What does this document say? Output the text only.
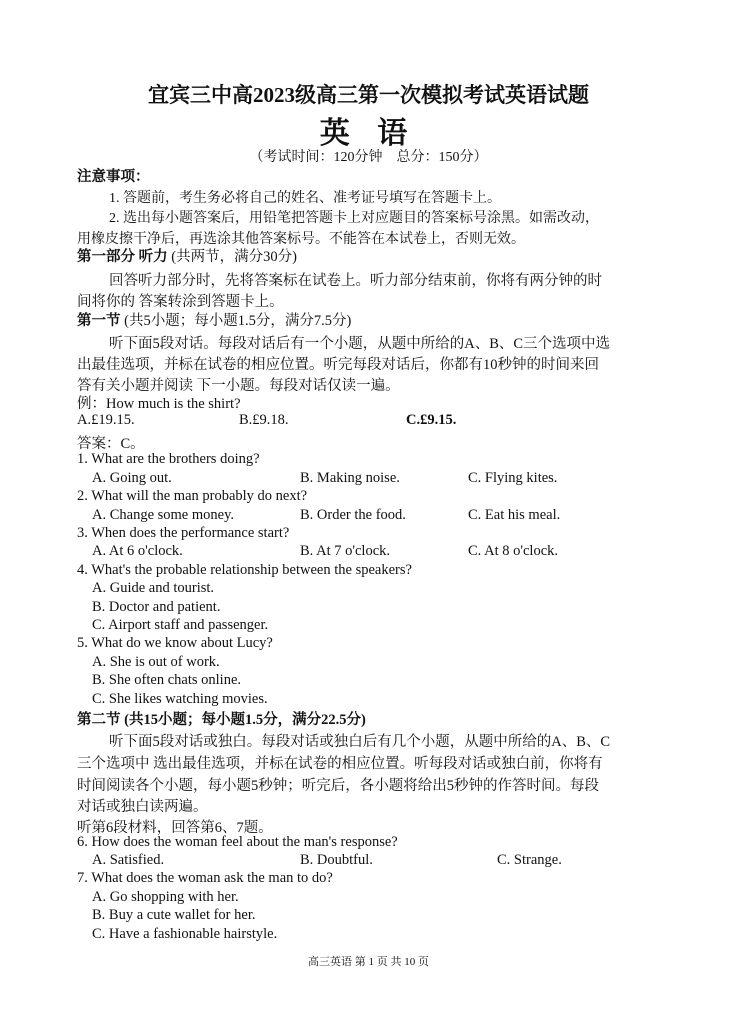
宜宾三中高2023级高三第一次模拟考试英语试题
英 语
（考试时间：120分钟　总分：150分）
注意事项：
1. 答题前，考生务必将自己的姓名、准考证号填写在答题卡上。
2. 选出每小题答案后，用铅笔把答题卡上对应题目的答案标号涂黑。如需改动，
用橡皮擦干净后，再选涂其他答案标号。不能答在本试卷上，否则无效。
第一部分 听力 (共两节，满分30分)
回答听力部分时，先将答案标在试卷上。听力部分结束前，你将有两分钟的时
间将你的 答案转涂到答题卡上。
第一节 (共5小题；每小题1.5分，满分7.5分)
听下面5段对话。每段对话后有一个小题，从题中所给的A、B、C三个选项中选
出最佳选项，并标在试卷的相应位置。听完每段对话后，你都有10秒钟的时间来回
答有关小题并阅读 下一小题。每段对话仅读一遍。
例：How much is the shirt?
A.£19.15.	B.£9.18.	C.£9.15.
答案：C。
1. What are the brothers doing?
A. Going out.	B. Making noise.	C. Flying kites.
2. What will the man probably do next?
A. Change some money.	B. Order the food.	C. Eat his meal.
3. When does the performance start?
A. At 6 o'clock.	B. At 7 o'clock.	C. At 8 o'clock.
4. What's the probable relationship between the speakers?
A. Guide and tourist.
B. Doctor and patient.
C. Airport staff and passenger.
5. What do we know about Lucy?
A. She is out of work.
B. She often chats online.
C. She likes watching movies.
第二节 (共15小题；每小题1.5分，满分22.5分)
听下面5段对话或独白。每段对话或独白后有几个小题，从题中所给的A、B、C
三个选项中 选出最佳选项，并标在试卷的相应位置。听每段对话或独白前，你将有
时间阅读各个小题，每小题5秒钟；听完后，各小题将给出5秒钟的作答时间。每段
对话或独白读两遍。
听第6段材料，回答第6、7题。
6. How does the woman feel about the man's response?
A. Satisfied.	B. Doubtful.	C. Strange.
7. What does the woman ask the man to do?
A. Go shopping with her.
B. Buy a cute wallet for her.
C. Have a fashionable hairstyle.
高三英语 第 1 页 共 10 页
